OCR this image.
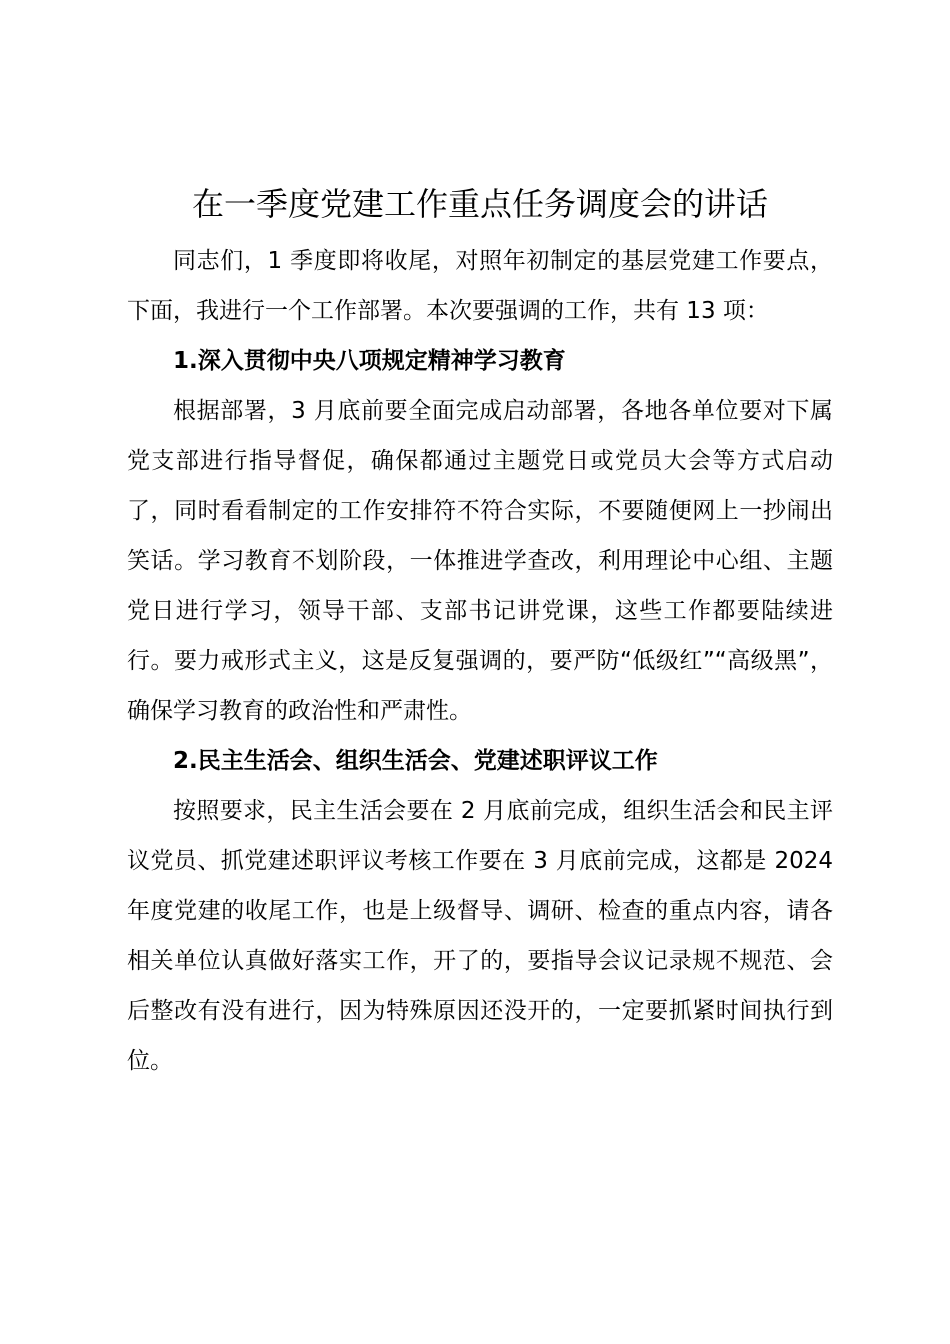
在一季度党建工作重点任务调度会的讲话

同志们，1 季度即将收尾，对照年初制定的基层党建工作要点，下面，我进行一个工作部署。本次要强调的工作，共有 13 项：

1.深入贯彻中央八项规定精神学习教育

根据部署，3 月底前要全面完成启动部署，各地各单位要对下属党支部进行指导督促，确保都通过主题党日或党员大会等方式启动了，同时看看制定的工作安排符不符合实际，不要随便网上一抄闹出笑话。学习教育不划阶段，一体推进学查改，利用理论中心组、主题党日进行学习，领导干部、支部书记讲党课，这些工作都要陆续进行。要力戒形式主义，这是反复强调的，要严防“低级红”“高级黑”，确保学习教育的政治性和严肃性。

2.民主生活会、组织生活会、党建述职评议工作

按照要求，民主生活会要在 2 月底前完成，组织生活会和民主评议党员、抓党建述职评议考核工作要在 3 月底前完成，这都是 2024 年度党建的收尾工作，也是上级督导、调研、检查的重点内容，请各相关单位认真做好落实工作，开了的，要指导会议记录规不规范、会后整改有没有进行，因为特殊原因还没开的，一定要抓紧时间执行到位。
